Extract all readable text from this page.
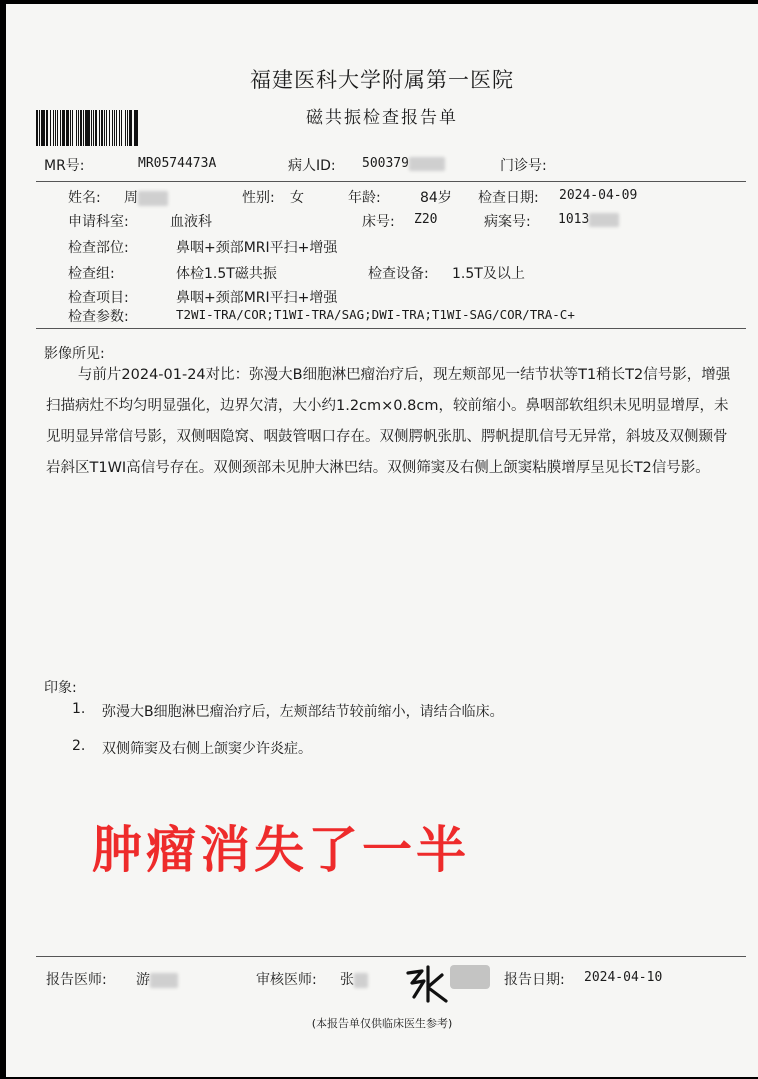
福建医科大学附属第一医院
磁共振检查报告单
MR号:	MR0574473A	病人ID: 500379	门诊号:
姓名: 周	性别: 女	年龄:	84岁 检查日期: 2024-04-09
申请科室:	血液科	床号: Z20	病案号: 1013
检查部位:	鼻咽+颈部MRI平扫+增强
检查组:	体检1.5T磁共振	检查设备: 1.5T及以上
检查项目:	鼻咽+颈部MRI平扫+增强
检查参数:	T2WI-TRA/COR;T1WI-TRA/SAG;DWI-TRA;T1WI-SAG/COR/TRA-C+
影像所见:
与前片2024-01-24对比：弥漫大B细胞淋巴瘤治疗后，现左颊部见一结节状等T1稍长T2信号影，增强扫描病灶不均匀明显强化，边界欠清，大小约1.2cm×0.8cm，较前缩小。鼻咽部软组织未见明显增厚，未见明显异常信号影，双侧咽隐窝、咽鼓管咽口存在。双侧腭帆张肌、腭帆提肌信号无异常，斜坡及双侧颞骨岩斜区T1WI高信号存在。双侧颈部未见肿大淋巴结。双侧筛窦及右侧上颌窦粘膜增厚呈见长T2信号影。
印象:
1. 弥漫大B细胞淋巴瘤治疗后，左颊部结节较前缩小，请结合临床。
2. 双侧筛窦及右侧上颌窦少许炎症。
肿瘤消失了一半
报告医师: 游	审核医师: 张	报告日期: 2024-04-10
(本报告单仅供临床医生参考)
